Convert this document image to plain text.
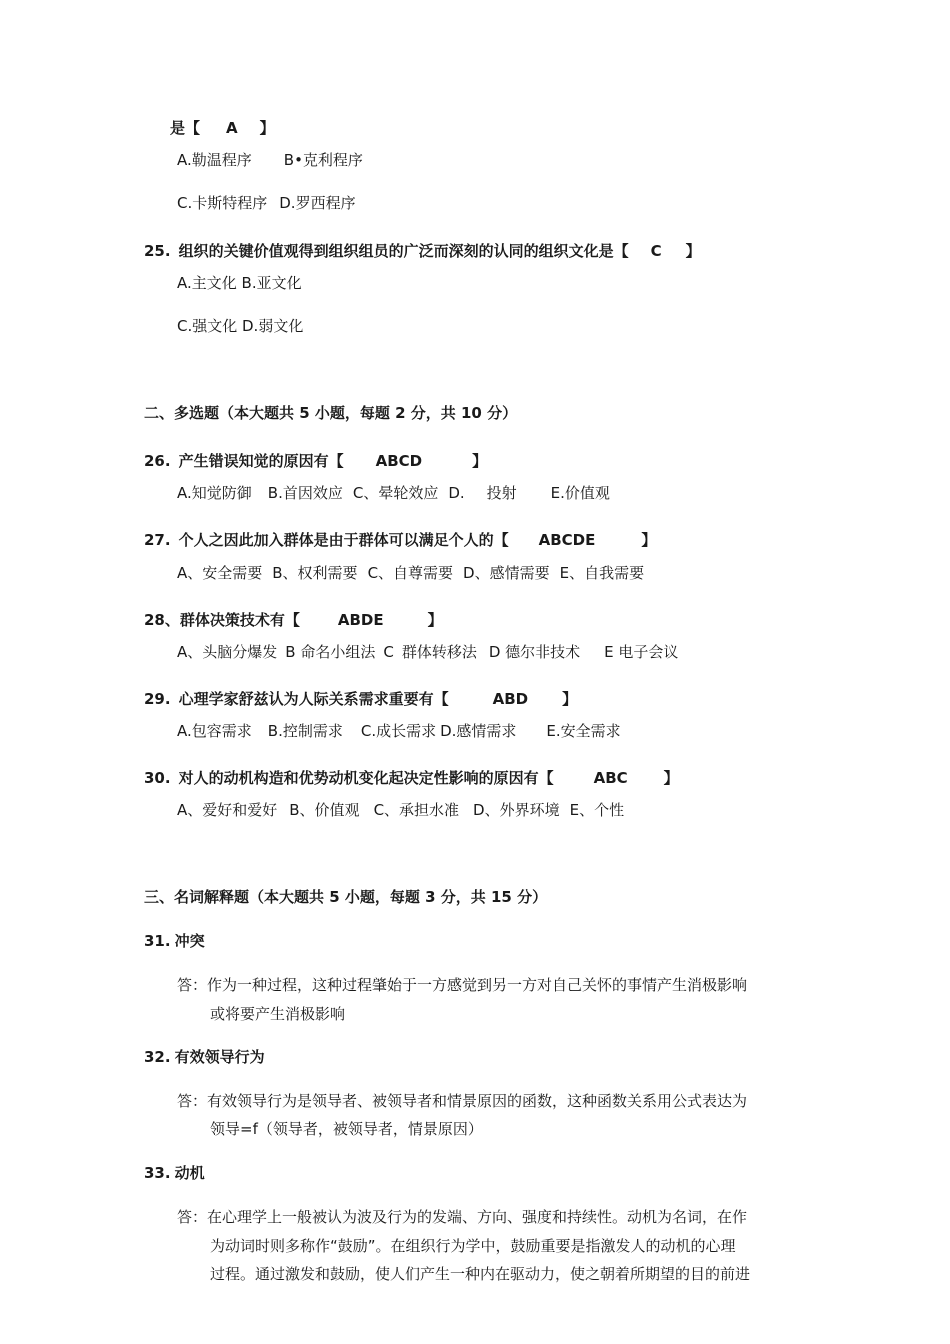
是【 A 】
A.勒温程序 B•克利程序
C.卡斯特程序 D.罗西程序
25. 组织的关键价值观得到组织组员的广泛而深刻的认同的组织文化是【 C 】
A.主文化 B.亚文化
C.强文化 D.弱文化
二、多选题（本大题共 5 小题，每题 2 分，共 10 分）
26. 产生错误知觉的原因有【 ABCD	】
A.知觉防御 B.首因效应 C、晕轮效应 D. 投射 E.价值观
27. 个人之因此加入群体是由于群体可以满足个人的【 ABCDE	】
A、安全需要 B、权利需要 C、自尊需要 D、感情需要 E、自我需要
28、群体决策技术有【	ABDE	】
A、头脑分爆发 B 命名小组法 C 群体转移法 D 德尔非技术 E 电子会议
29. 心理学家舒兹认为人际关系需求重要有【	ABD 】
A.包容需求 B.控制需求 C.成长需求 D.感情需求 E.安全需求
30. 对人的动机构造和优势动机变化起决定性影响的原因有【	ABC 】
A、爱好和爱好 B、价值观 C、承担水准 D、外界环境 E、个性
三、名词解释题（本大题共 5 小题，每题 3 分，共 15 分）
31. 冲突
答：作为一种过程，这种过程肇始于一方感觉到另一方对自己关怀的事情产生消极影响
或将要产生消极影响
32. 有效领导行为
答：有效领导行为是领导者、被领导者和情景原因的函数，这种函数关系用公式表达为
领导=f（领导者，被领导者，情景原因）
33. 动机
答：在心理学上一般被认为波及行为的发端、方向、强度和持续性。动机为名词，在作
为动词时则多称作“鼓励”。在组织行为学中，鼓励重要是指激发人的动机的心理
过程。通过激发和鼓励，使人们产生一种内在驱动力，使之朝着所期望的目的前进
